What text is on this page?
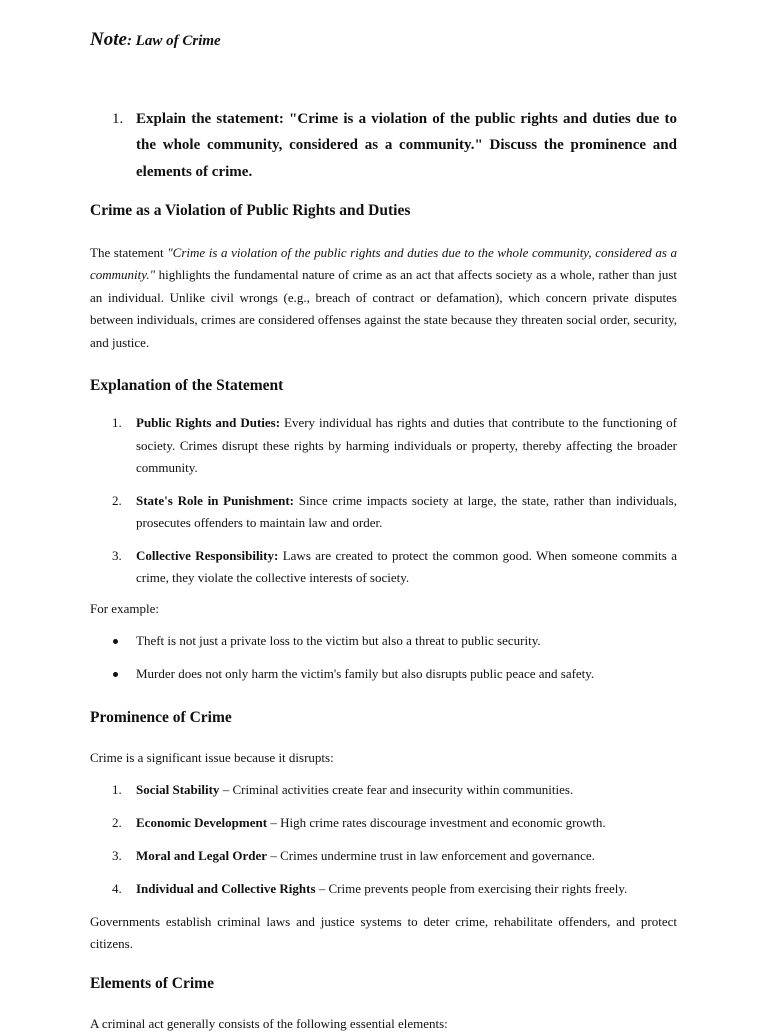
Note: Law of Crime

1. Explain the statement: "Crime is a violation of the public rights and duties due to the whole community, considered as a community." Discuss the prominence and elements of crime.
Crime as a Violation of Public Rights and Duties

The statement "Crime is a violation of the public rights and duties due to the whole community, considered as a community." highlights the fundamental nature of crime as an act that affects society as a whole, rather than just an individual. Unlike civil wrongs (e.g., breach of contract or defamation), which concern private disputes between individuals, crimes are considered offenses against the state because they threaten social order, security, and justice.

Explanation of the Statement
1. Public Rights and Duties: Every individual has rights and duties that contribute to the functioning of society. Crimes disrupt these rights by harming individuals or property, thereby affecting the broader community.
2. State's Role in Punishment: Since crime impacts society at large, the state, rather than individuals, prosecutes offenders to maintain law and order.
3. Collective Responsibility: Laws are created to protect the common good. When someone commits a crime, they violate the collective interests of society.

For example:

Theft is not just a private loss to the victim but also a threat to public security.
Murder does not only harm the victim's family but also disrupts public peace and safety.
Prominence of Crime

Crime is a significant issue because it disrupts:

1. Social Stability – Criminal activities create fear and insecurity within communities.
2. Economic Development – High crime rates discourage investment and economic growth.
3. Moral and Legal Order – Crimes undermine trust in law enforcement and governance.
4. Individual and Collective Rights – Crime prevents people from exercising their rights freely.

Governments establish criminal laws and justice systems to deter crime, rehabilitate offenders, and protect citizens.

Elements of Crime

A criminal act generally consists of the following essential elements:
